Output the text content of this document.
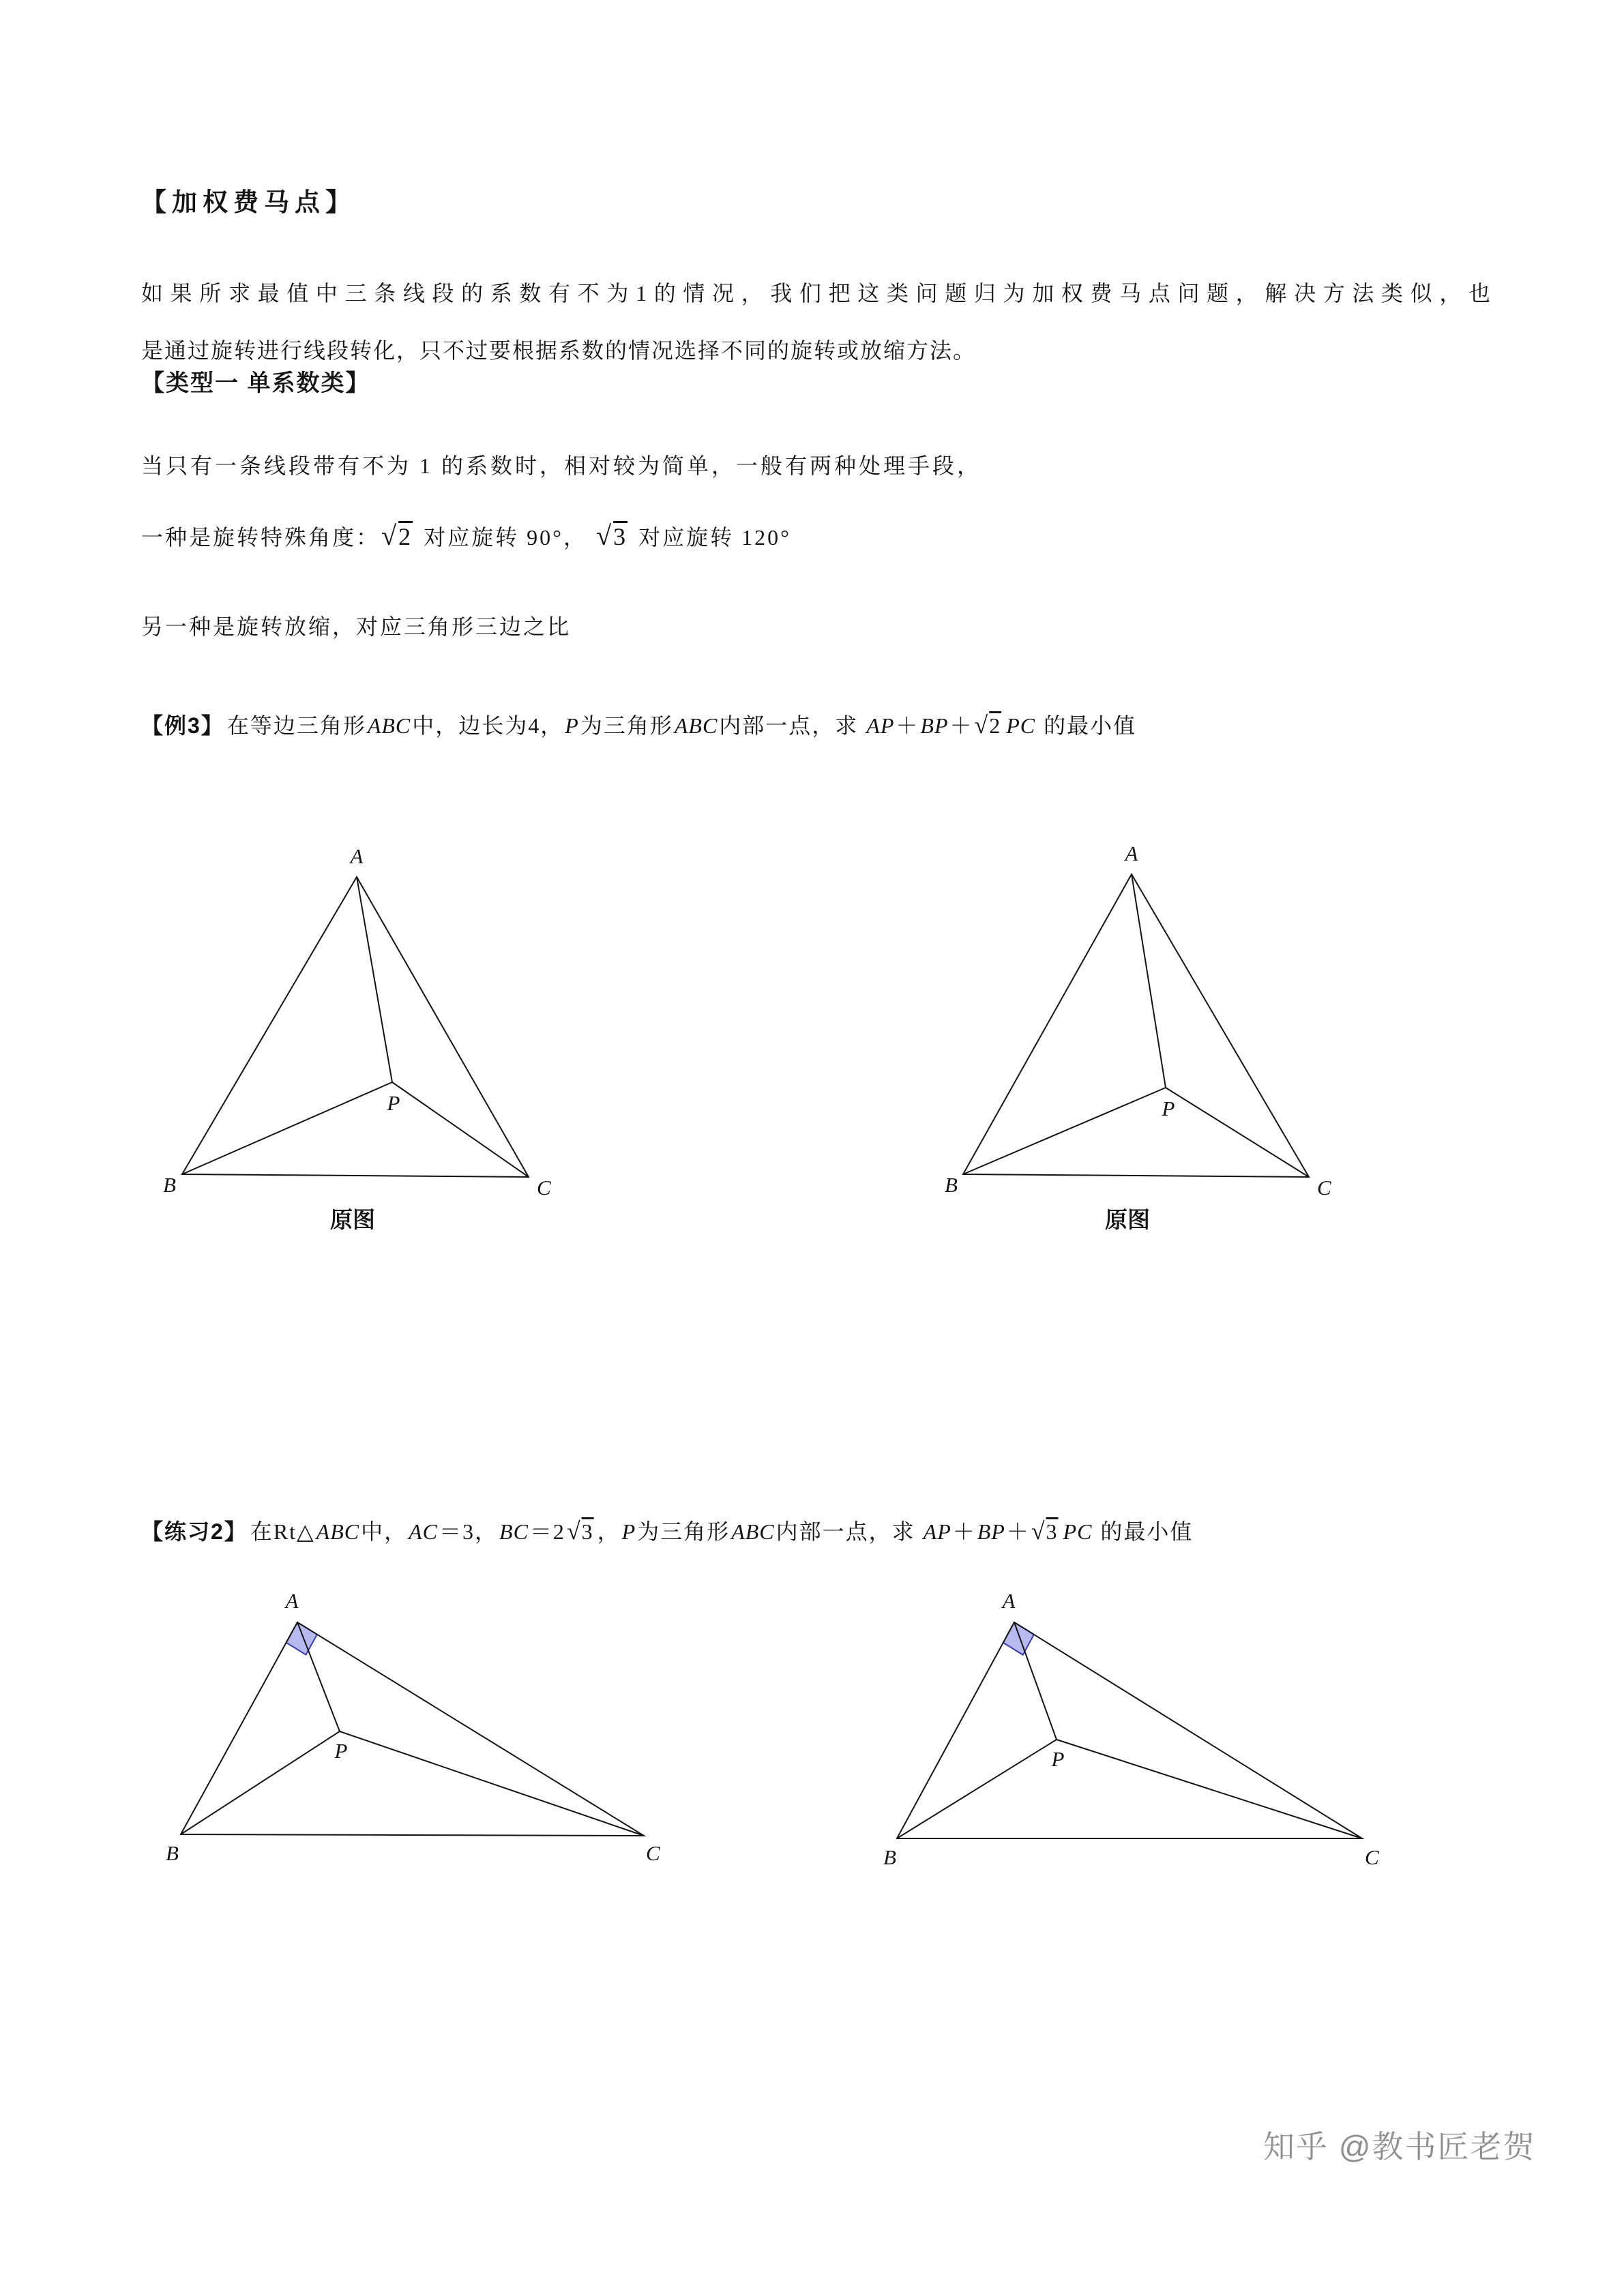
【加权费马点】
如果所求最值中三条线段的系数有不为1的情况，我们把这类问题归为加权费马点问题，解决方法类似，也
是通过旋转进行线段转化，只不过要根据系数的情况选择不同的旋转或放缩方法。
【类型一 单系数类】
当只有一条线段带有不为 1 的系数时，相对较为简单，一般有两种处理手段，
一种是旋转特殊角度：√2 对应旋转 90°， √3 对应旋转 120°
另一种是旋转放缩，对应三角形三边之比
【例3】 在等边三角形ABC中，边长为4，P为三角形ABC内部一点，求 AP＋BP＋√2 PC 的最小值
A
B	C
P
原图
A
B	C
P
原图
【练习2】 在Rt△ABC中，AC＝3，BC＝2√3 ，P为三角形ABC内部一点，求 AP＋BP＋√3 PC 的最小值
A
B	C
P
A
B	C
P
知乎 @教书匠老贺
